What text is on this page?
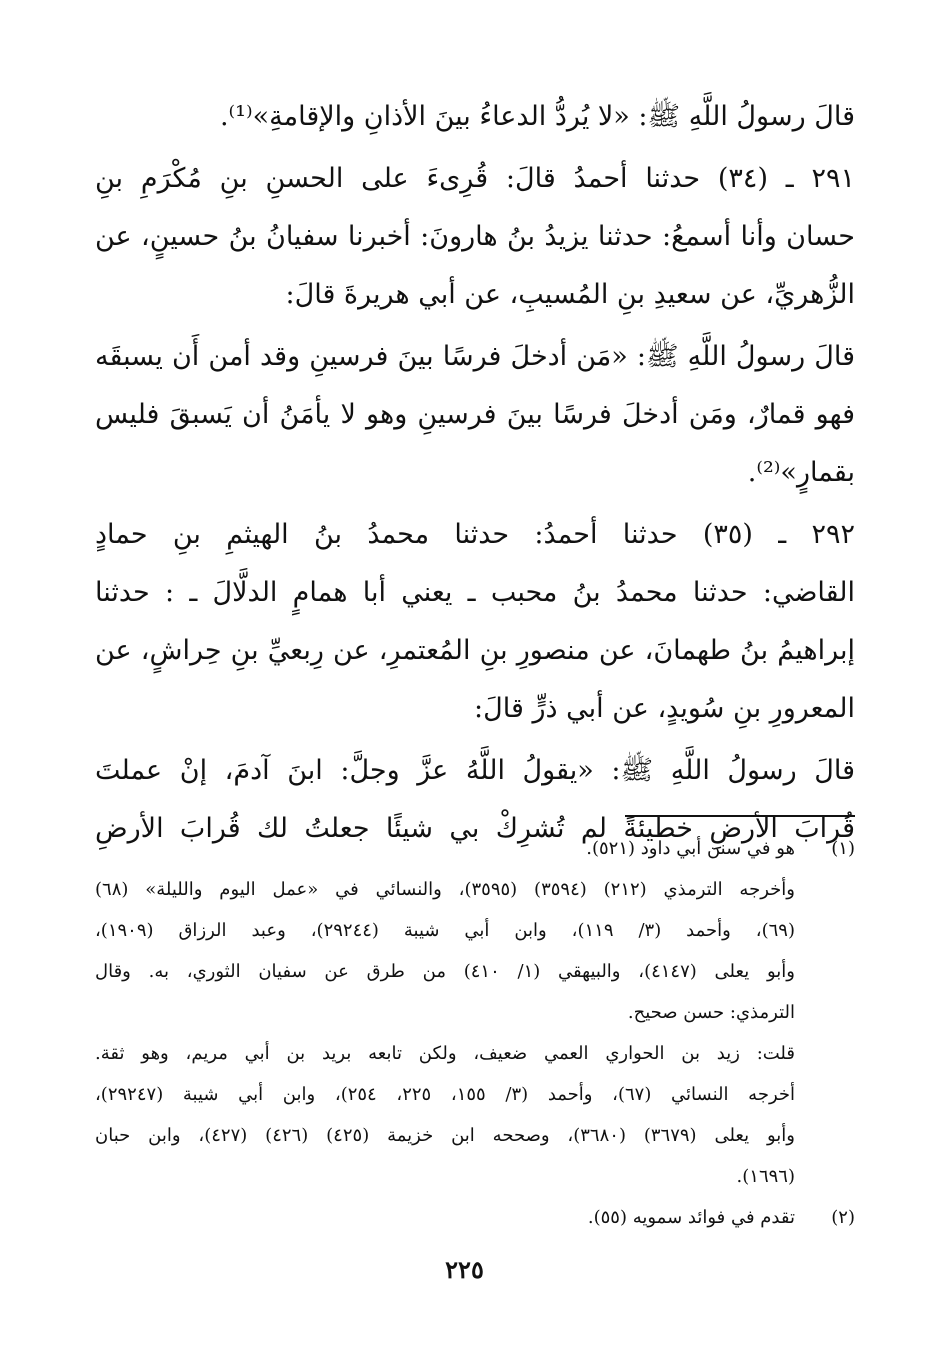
قالَ رسولُ اللَّهِ ﷺ: «لا يُردُّ الدعاءُ بينَ الأذانِ والإقامةِ»⁽¹⁾.
٢٩١ ـ (٣٤) حدثنا أحمدُ قالَ: قُرِىءَ على الحسنِ بنِ مُكْرَمِ بنِ
حسان وأنا أسمعُ: حدثنا يزيدُ بنُ هارونَ: أخبرنا سفيانُ بنُ حسينٍ، عن
الزُّهريِّ، عن سعيدِ بنِ المُسيبِ، عن أبي هريرةَ قالَ:
قالَ رسولُ اللَّهِ ﷺ: «مَن أدخلَ فرسًا بينَ فرسينِ وقد أمن أَن يسبقَه
فهو قمارٌ، ومَن أدخلَ فرسًا بينَ فرسينِ وهو لا يأمَنُ أن يَسبقَ فليس
بقمارٍ»⁽²⁾.
٢٩٢ ـ (٣٥) حدثنا أحمدُ: حدثنا محمدُ بنُ الهيثمِ بنِ حمادٍ
القاضي: حدثنا محمدُ بنُ محبب ـ يعني أبا همامٍ الدلَّالَ ـ : حدثنا
إبراهيمُ بنُ طهمانَ، عن منصورِ بنِ المُعتمرِ، عن رِبعيِّ بنِ حِراشٍ، عن
المعرورِ بنِ سُويدٍ، عن أبي ذرٍّ قالَ:
قالَ رسولُ اللَّهِ ﷺ: «يقولُ اللَّهُ عزَّ وجلَّ: ابنَ آدمَ، إنْ عملتَ
قُرابَ الأرضِ خطيئةً لم تُشرِكْ بي شيئًا جعلتُ لك قُرابَ الأرضِ
(١)هو في سنن أبي داود (٥٢١).
وأخرجه الترمذي (٢١٢) (٣٥٩٤) (٣٥٩٥)، والنسائي في «عمل اليوم والليلة» (٦٨)
(٦٩)، وأحمد (٣/ ١١٩)، وابن أبي شيبة (٢٩٢٤٤)، وعبد الرزاق (١٩٠٩)،
وأبو يعلى (٤١٤٧)، والبيهقي (١/ ٤١٠) من طرق عن سفيان الثوري، به. وقال
الترمذي: حسن صحيح.
قلت: زيد بن الحواري العمي ضعيف، ولكن تابعه بريد بن أبي مريم، وهو ثقة.
أخرجه النسائي (٦٧)، وأحمد (٣/ ١٥٥، ٢٢٥، ٢٥٤)، وابن أبي شيبة (٢٩٢٤٧)،
وأبو يعلى (٣٦٧٩) (٣٦٨٠)، وصححه ابن خزيمة (٤٢٥) (٤٢٦) (٤٢٧)، وابن حبان
(١٦٩٦).
(٢)تقدم في فوائد سمويه (٥٥).
٢٢٥
